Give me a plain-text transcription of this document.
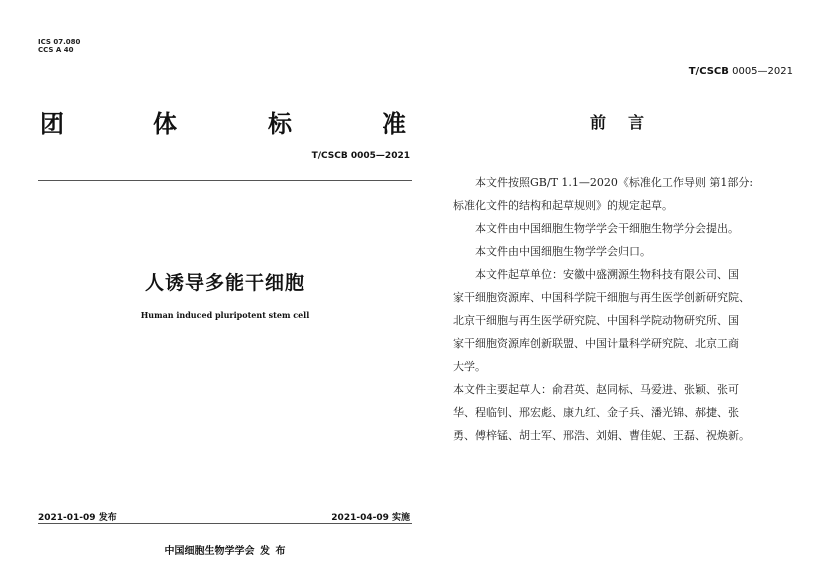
ICS 07.080
CCS A 40
团	体	标	准
T/CSCB 0005—2021
人诱导多能干细胞
Human induced pluripotent stem cell
2021-01-09 发布	2021-04-09 实施
中国细胞生物学学会 发 布
T/CSCB 0005—2021
前言
　　本文件按照GB/T 1.1—2020《标准化工作导则 第1部分:
标准化文件的结构和起草规则》的规定起草。
　　本文件由中国细胞生物学学会干细胞生物学分会提出。
　　本文件由中国细胞生物学学会归口。
　　本文件起草单位：安徽中盛溯源生物科技有限公司、国
家干细胞资源库、中国科学院干细胞与再生医学创新研究院、
北京干细胞与再生医学研究院、中国科学院动物研究所、国
家干细胞资源库创新联盟、中国计量科学研究院、北京工商
大学。
本文件主要起草人：俞君英、赵同标、马爱进、张颖、张可
华、程临钊、邢宏彪、康九红、金子兵、潘光锦、郝捷、张
勇、傅梓锰、胡士军、邢浩、刘娟、曹佳妮、王磊、祝焕新。
